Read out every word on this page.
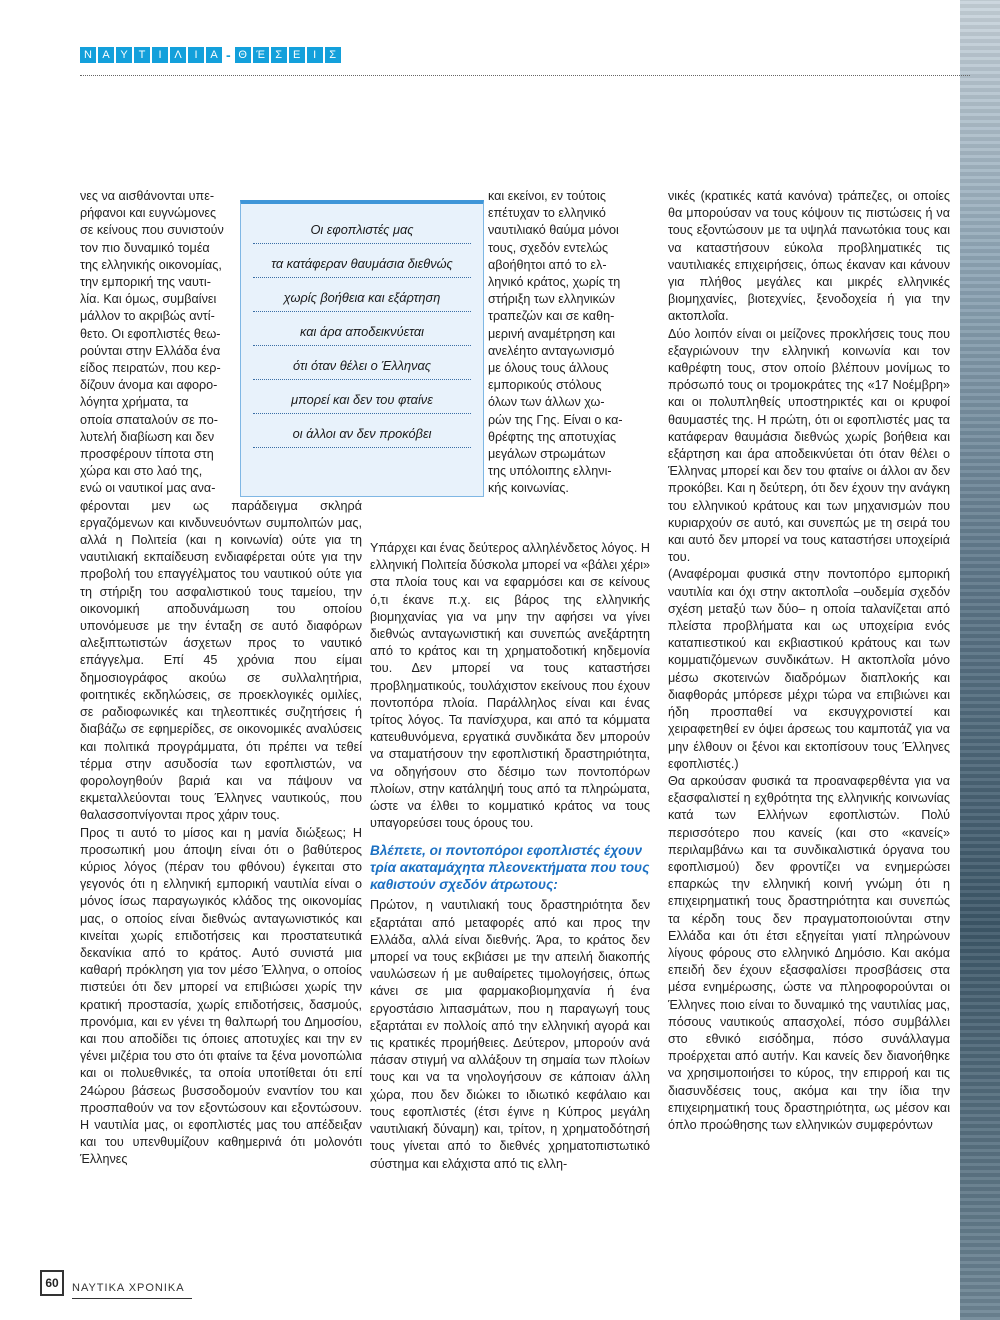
Ν Α Υ Τ	Ι	Λ	Ι	Α - Θ Έ Σ Ε	Ι	Σ

νες να αισθάνονται υπε-

ρήφανοι και ευγνώμονες

σε κείνους που συνιστούν

τον πιο δυναμικό τομέα

της ελληνικής οικονομίας,

την εμπορική της ναυτι-

λία. Και όμως, συμβαίνει

μάλλον το ακριβώς αντί-

θετο. Οι εφοπλιστές θεω-

ρούνται στην Ελλάδα ένα

είδος πειρατών, που κερ-

δίζουν άνομα και αφορο-

λόγητα χρήματα, τα

οποία σπαταλούν σε πο-

λυτελή διαβίωση και δεν

προσφέρουν τίποτα στη

χώρα και στο λαό της,

ενώ οι ναυτικοί μας ανα-

φέρονται μεν ως παράδειγμα σκληρά εργαζόμενων και κινδυνευόντων συμπολιτών μας, αλλά η Πολιτεία (και η κοινωνία) ούτε για τη ναυτιλιακή εκπαίδευση ενδιαφέρεται ούτε για την προβολή του επαγγέλματος του ναυτικού ούτε για τη στήριξη του ασφαλιστικού τους ταμείου, την οικονομική αποδυνάμωση του οποίου υπονόμευσε με την ένταξη σε αυτό διαφόρων αλεξιπτωτιστών άσχετων προς το ναυτικό επάγγελμα. Επί 45 χρόνια που είμαι δημοσιογράφος ακούω σε συλλαλητήρια, φοιτητικές εκδηλώσεις, σε προεκλογικές ομιλίες, σε ραδιοφωνικές και τηλεοπτικές συζητήσεις ή διαβάζω σε εφημερίδες, σε οικονομικές αναλύσεις και πολιτικά προγράμματα, ότι πρέπει να τεθεί τέρμα στην ασυδοσία των εφοπλιστών, να φορολογηθούν βαριά και να πάψουν να εκμεταλλεύονται τους Έλληνες ναυτικούς, που θαλασσοπνίγονται προς χάριν τους.

Προς τι αυτό το μίσος και η μανία διώξεως; Η προσωπική μου άποψη είναι ότι ο βαθύτερος κύριος λόγος (πέραν του φθόνου) έγκειται στο γεγονός ότι η ελληνική εμπορική ναυτιλία είναι ο μόνος ίσως παραγωγικός κλάδος της οικονομίας μας, ο οποίος είναι διεθνώς ανταγωνιστικός και κινείται χωρίς επιδοτήσεις και προστατευτικά δεκανίκια από το κράτος. Αυτό συνιστά μια καθαρή πρόκληση για τον μέσο Έλληνα, ο οποίος πιστεύει ότι δεν μπορεί να επιβιώσει χωρίς την κρατική προστασία, χωρίς επιδοτήσεις, δασμούς, προνόμια, και εν γένει τη θαλπωρή του Δημοσίου, και που αποδίδει τις όποιες αποτυχίες και την εν γένει μιζέρια του στο ότι φταίνε τα ξένα μονοπώλια και οι πολυεθνικές, τα οποία υποτίθεται ότι επί 24ώρου βάσεως βυσσοδομούν εναντίον του και προσπαθούν να τον εξοντώσουν και εξοντώσουν. Η ναυτιλία μας, οι εφοπλιστές μας του απέδειξαν και του υπενθυμίζουν καθημερινά ότι μολονότι Έλληνες

Οι εφοπλιστές μας
τα κατάφεραν θαυμάσια διεθνώς
χωρίς βοήθεια και εξάρτηση
και άρα αποδεικνύεται
ότι όταν θέλει ο Έλληνας
μπορεί και δεν του φταίνε
οι άλλοι αν δεν προκόβει

και εκείνοι, εν τούτοις

επέτυχαν το ελληνικό

ναυτιλιακό θαύμα μόνοι

τους, σχεδόν εντελώς

αβοήθητοι από το ελ-

ληνικό κράτος, χωρίς τη

στήριξη των ελληνικών

τραπεζών και σε καθη-

μερινή αναμέτρηση και

ανελέητο ανταγωνισμό

με όλους τους άλλους

εμπορικούς στόλους

όλων των άλλων χω-

ρών της Γης. Είναι ο κα-

θρέφτης της αποτυχίας

μεγάλων στρωμάτων

της υπόλοιπης ελληνι-

κής κοινωνίας.

Υπάρχει και ένας δεύτερος αλληλένδετος λόγος. Η ελληνική Πολιτεία δύσκολα μπορεί να «βάλει χέρι» στα πλοία τους και να εφαρμόσει και σε κείνους ό,τι έκανε π.χ. εις βάρος της ελληνικής βιομηχανίας για να μην την αφήσει να γίνει διεθνώς ανταγωνιστική και συνεπώς ανεξάρτητη από το κράτος και τη χρηματοδοτική κηδεμονία του. Δεν μπορεί να τους καταστήσει προβληματικούς, τουλάχιστον εκείνους που έχουν ποντοπόρα πλοία. Παράλληλος είναι και ένας τρίτος λόγος. Τα πανίσχυρα, και από τα κόμματα κατευθυνόμενα, εργατικά συνδικάτα δεν μπορούν να σταματήσουν την εφοπλιστική δραστηριότητα, να οδηγήσουν στο δέσιμο των ποντοπόρων πλοίων, στην κατάληψή τους από τα πληρώματα, ώστε να έλθει το κομματικό κράτος να τους υπαγορεύσει τους όρους του.

Βλέπετε, οι ποντοπόροι εφοπλιστές έχουν τρία ακαταμάχητα πλεονεκτήματα που τους καθιστούν σχεδόν άτρωτους:

Πρώτον, η ναυτιλιακή τους δραστηριότητα δεν εξαρτάται από μεταφορές από και προς την Ελλάδα, αλλά είναι διεθνής. Άρα, το κράτος δεν μπορεί να τους εκβιάσει με την απειλή διακοπής ναυλώσεων ή με αυθαίρετες τιμολογήσεις, όπως κάνει σε μια φαρμακοβιομηχανία ή ένα εργοστάσιο λιπασμάτων, που η παραγωγή τους εξαρτάται εν πολλοίς από την ελληνική αγορά και τις κρατικές προμήθειες. Δεύτερον, μπορούν ανά πάσαν στιγμή να αλλάξουν τη σημαία των πλοίων τους και να τα νηολογήσουν σε κάποιαν άλλη χώρα, που δεν διώκει το ιδιωτικό κεφάλαιο και τους εφοπλιστές (έτσι έγινε η Κύπρος μεγάλη ναυτιλιακή δύναμη) και, τρίτον, η χρηματοδότησή τους γίνεται από το διεθνές χρηματοπιστωτικό σύστημα και ελάχιστα από τις ελλη-

νικές (κρατικές κατά κανόνα) τράπεζες, οι οποίες θα μπορούσαν να τους κόψουν τις πιστώσεις ή να τους εξοντώσουν με τα υψηλά πανωτόκια τους και να καταστήσουν εύκολα προβληματικές τις ναυτιλιακές επιχειρήσεις, όπως έκαναν και κάνουν για πλήθος μεγάλες και μικρές ελληνικές βιομηχανίες, βιοτεχνίες, ξενοδοχεία ή για την ακτοπλοΐα.

Δύο λοιπόν είναι οι μείζονες προκλήσεις τους που εξαγριώνουν την ελληνική κοινωνία και τον καθρέφτη τους, στον οποίο βλέπουν μονίμως το πρόσωπό τους οι τρομοκράτες της «17 Νοέμβρη» και οι πολυπληθείς υποστηρικτές και οι κρυφοί θαυμαστές της. Η πρώτη, ότι οι εφοπλιστές μας τα κατάφεραν θαυμάσια διεθνώς χωρίς βοήθεια και εξάρτηση και άρα αποδεικνύεται ότι όταν θέλει ο Έλληνας μπορεί και δεν του φταίνε οι άλλοι αν δεν προκόβει. Και η δεύτερη, ότι δεν έχουν την ανάγκη του ελληνικού κράτους και των μηχανισμών που κυριαρχούν σε αυτό, και συνεπώς με τη σειρά του και αυτό δεν μπορεί να τους καταστήσει υποχείριά του.

(Αναφέρομαι φυσικά στην ποντοπόρο εμπορική ναυτιλία και όχι στην ακτοπλοΐα –ουδεμία σχεδόν σχέση μεταξύ των δύο– η οποία ταλανίζεται από πλείστα προβλήματα και ως υποχείρια ενός καταπιεστικού και εκβιαστικού κράτους και των κομματιζόμενων συνδικάτων. Η ακτοπλοΐα μόνο μέσω σκοτεινών διαδρόμων διαπλοκής και διαφθοράς μπόρεσε μέχρι τώρα να επιβιώνει και ήδη προσπαθεί να εκσυγχρονιστεί και χειραφετηθεί εν όψει άρσεως του καμποτάζ για να μην έλθουν οι ξένοι και εκτοπίσουν τους Έλληνες εφοπλιστές.)

Θα αρκούσαν φυσικά τα προαναφερθέντα για να εξασφαλιστεί η εχθρότητα της ελληνικής κοινωνίας κατά των Ελλήνων εφοπλιστών. Πολύ περισσότερο που κανείς (και στο «κανείς» περιλαμβάνω και τα συνδικαλιστικά όργανα του εφοπλισμού) δεν φροντίζει να ενημερώσει επαρκώς την ελληνική κοινή γνώμη ότι η επιχειρηματική τους δραστηριότητα και συνεπώς τα κέρδη τους δεν πραγματοποιούνται στην Ελλάδα και ότι έτσι εξηγείται γιατί πληρώνουν λίγους φόρους στο ελληνικό Δημόσιο. Και ακόμα επειδή δεν έχουν εξασφαλίσει προσβάσεις στα μέσα ενημέρωσης, ώστε να πληροφορούνται οι Έλληνες ποιο είναι το δυναμικό της ναυτιλίας μας, πόσους ναυτικούς απασχολεί, πόσο συμβάλλει στο εθνικό εισόδημα, πόσο συνάλλαγμα προέρχεται από αυτήν. Και κανείς δεν διανοήθηκε να χρησιμοποιήσει το κύρος, την επιρροή και τις διασυνδέσεις τους, ακόμα και την ίδια την επιχειρηματική τους δραστηριότητα, ως μέσον και όπλο προώθησης των ελληνικών συμφερόντων

60	ΝΑΥΤΙΚΑ ΧΡΟΝΙΚΑ
